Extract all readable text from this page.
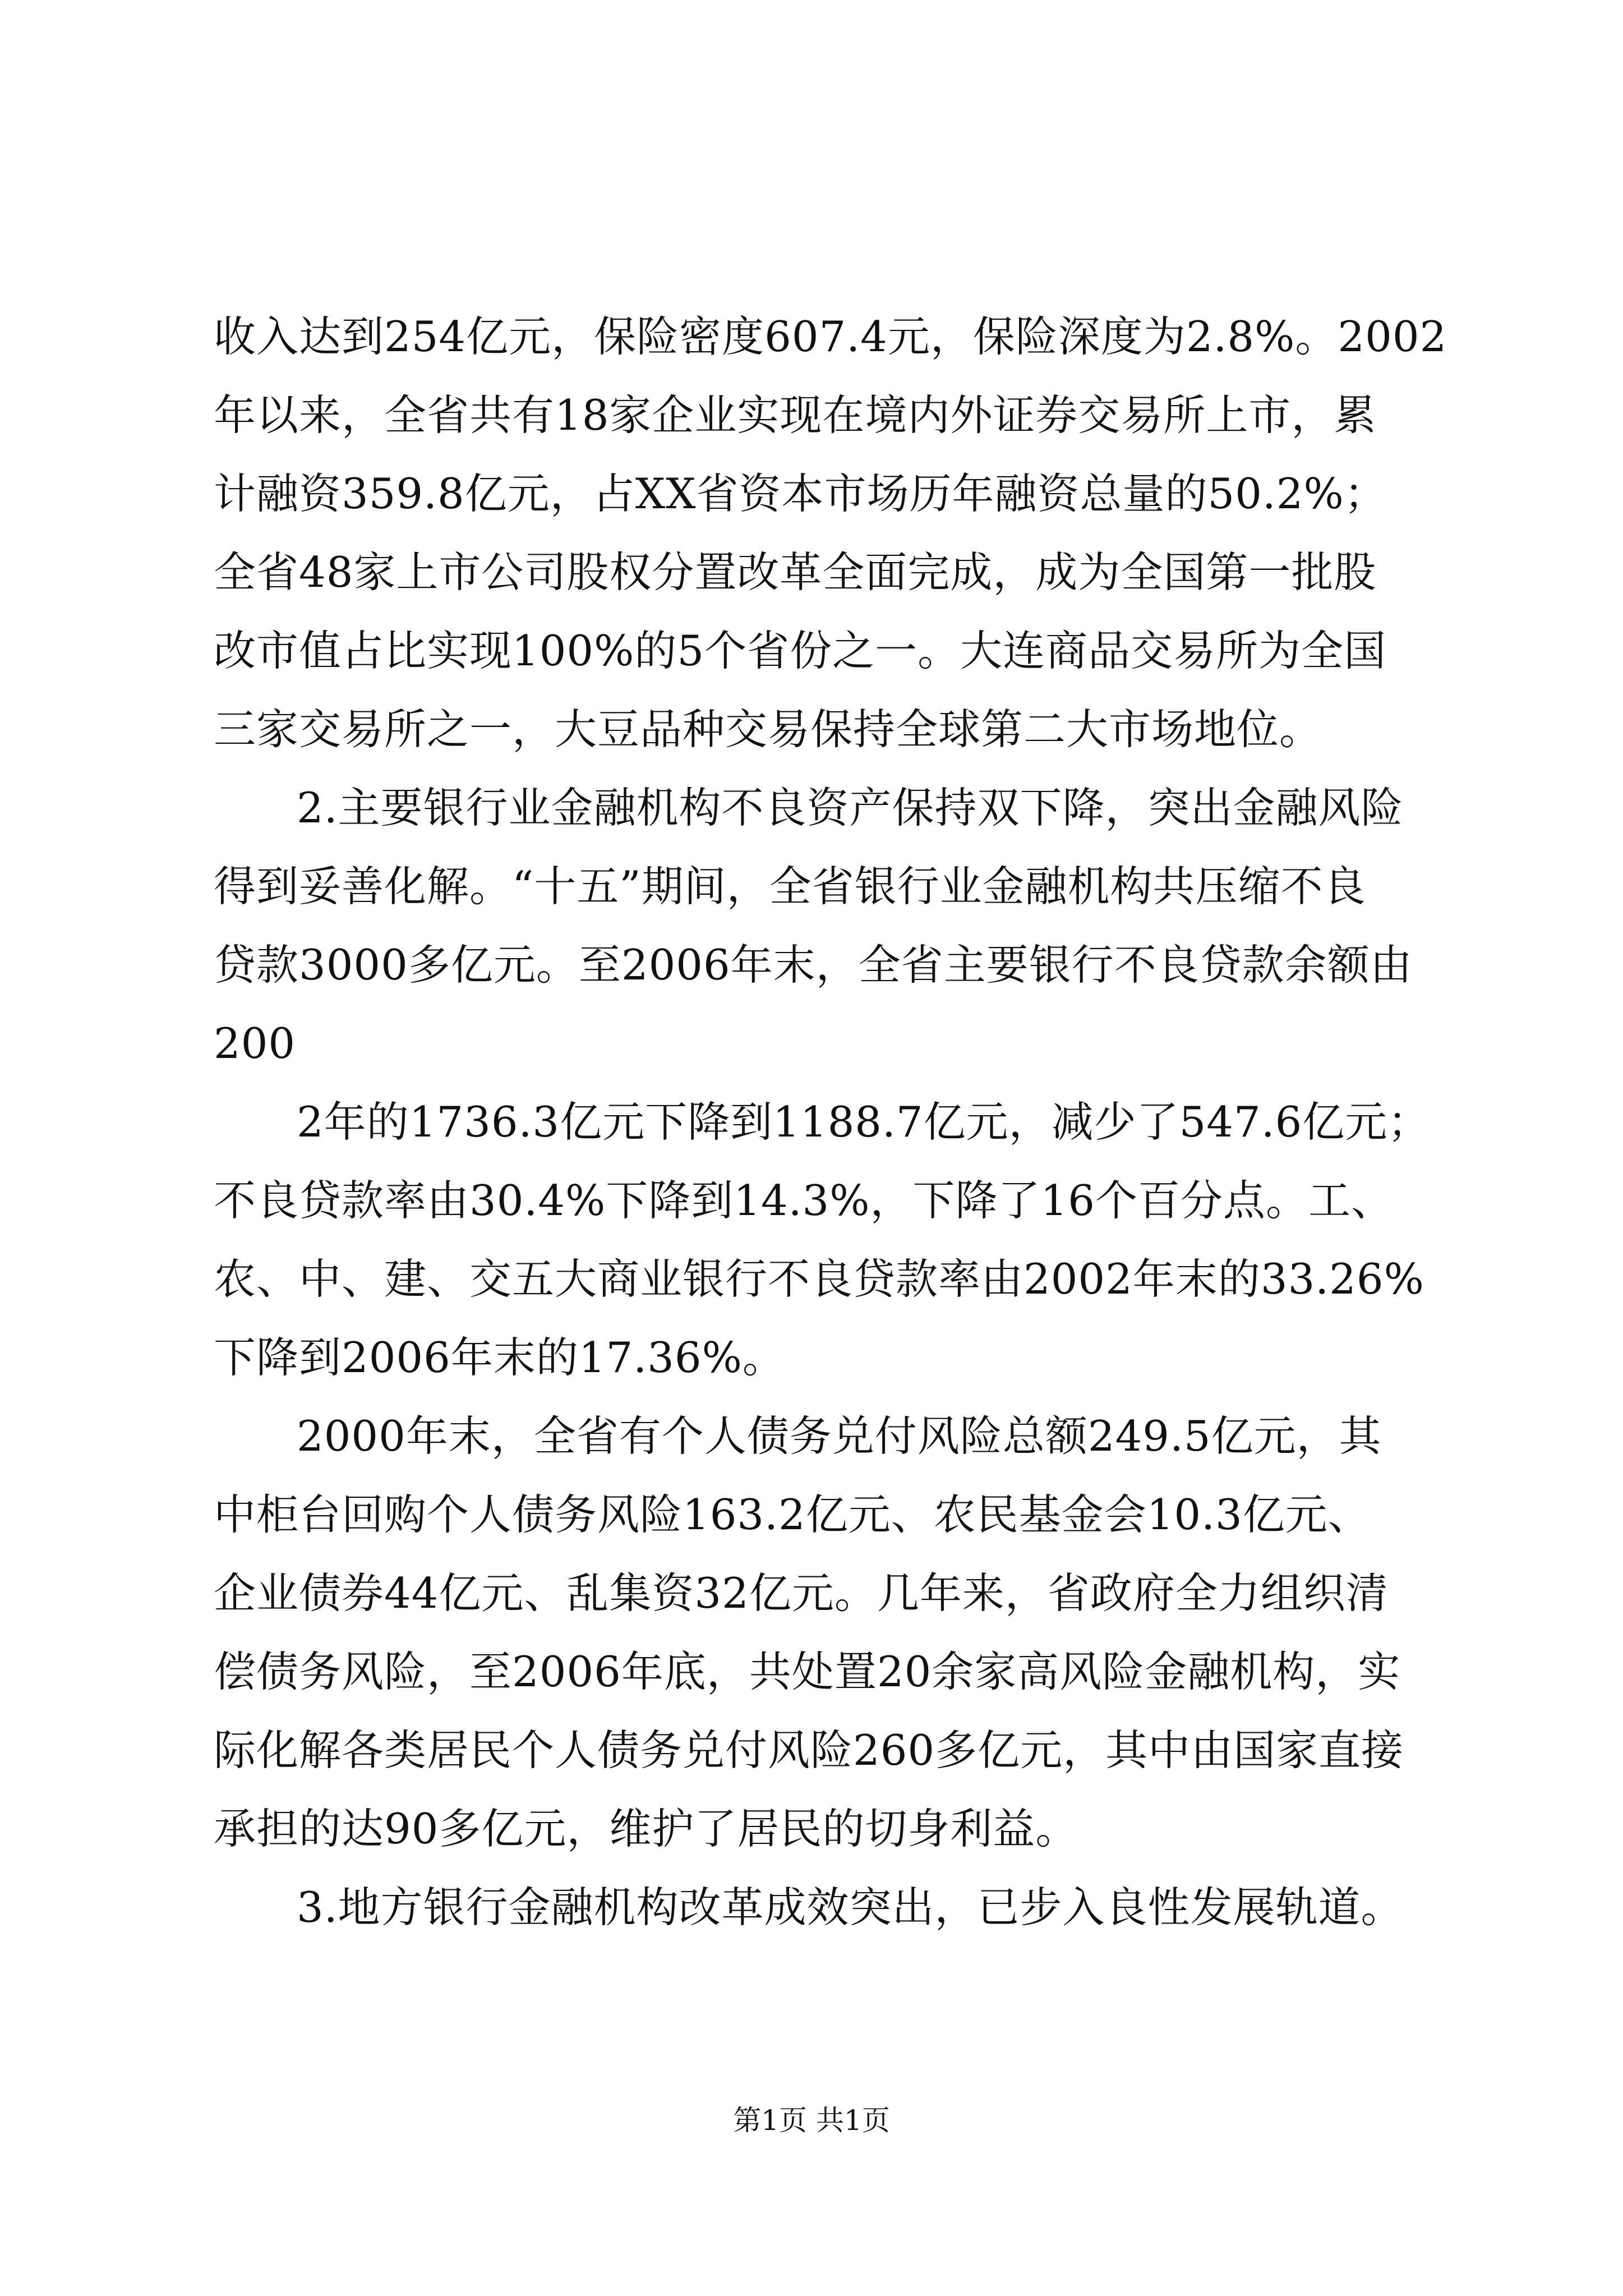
收入达到254亿元，保险密度607.4元，保险深度为2.8%。2002
年以来，全省共有18家企业实现在境内外证券交易所上市，累
计融资359.8亿元，占XX省资本市场历年融资总量的50.2%；
全省48家上市公司股权分置改革全面完成，成为全国第一批股
改市值占比实现100%的5个省份之一。大连商品交易所为全国
三家交易所之一，大豆品种交易保持全球第二大市场地位。
2.主要银行业金融机构不良资产保持双下降，突出金融风险
得到妥善化解。“十五”期间，全省银行业金融机构共压缩不良
贷款3000多亿元。至2006年末，全省主要银行不良贷款余额由
200
2年的1736.3亿元下降到1188.7亿元，减少了547.6亿元；
不良贷款率由30.4%下降到14.3%，下降了16个百分点。工、
农、中、建、交五大商业银行不良贷款率由2002年末的33.26%
下降到2006年末的17.36%。
2000年末，全省有个人债务兑付风险总额249.5亿元，其
中柜台回购个人债务风险163.2亿元、农民基金会10.3亿元、
企业债券44亿元、乱集资32亿元。几年来，省政府全力组织清
偿债务风险，至2006年底，共处置20余家高风险金融机构，实
际化解各类居民个人债务兑付风险260多亿元，其中由国家直接
承担的达90多亿元，维护了居民的切身利益。
3.地方银行金融机构改革成效突出，已步入良性发展轨道。
第1页 共1页
